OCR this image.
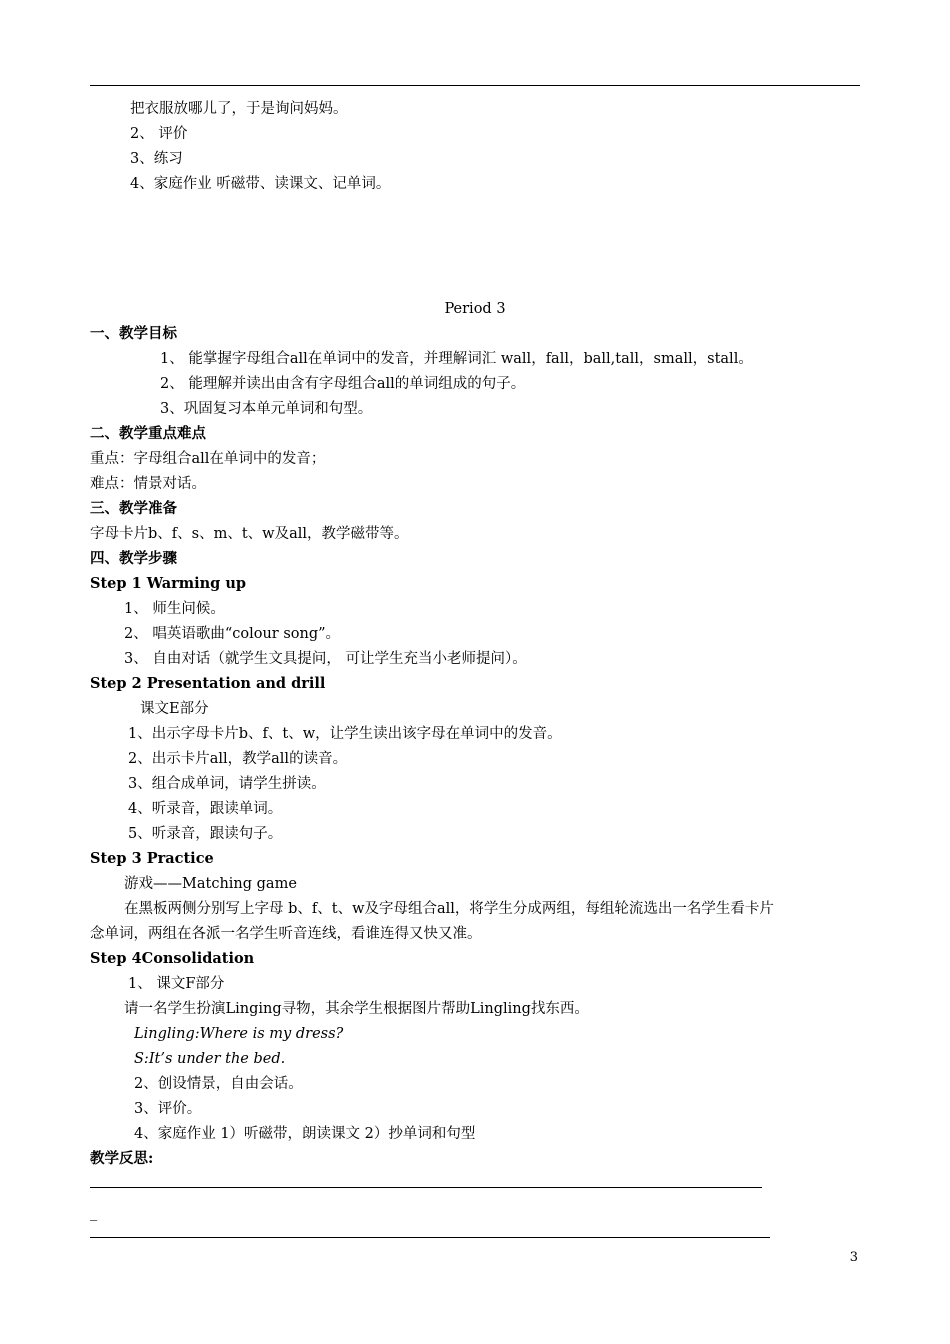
把衣服放哪儿了，于是询问妈妈。
2、 评价
3、练习
4、家庭作业 听磁带、读课文、记单词。
Period 3
一、教学目标
1、 能掌握字母组合all在单词中的发音，并理解词汇 wall，fall，ball,tall，small，stall。
2、 能理解并读出由含有字母组合all的单词组成的句子。
3、巩固复习本单元单词和句型。
二、教学重点难点
重点：字母组合all在单词中的发音；
难点：情景对话。
三、教学准备
字母卡片b、f、s、m、t、w及all，教学磁带等。
四、教学步骤
Step 1 Warming up
1、 师生问候。
2、 唱英语歌曲“colour song”。
3、 自由对话（就学生文具提问， 可让学生充当小老师提问）。
Step 2 Presentation and drill
课文E部分
1、出示字母卡片b、f、t、w，让学生读出该字母在单词中的发音。
2、出示卡片all，教学all的读音。
3、组合成单词，请学生拼读。
4、听录音，跟读单词。
5、听录音，跟读句子。
Step 3 Practice
游戏——Matching game
在黑板两侧分别写上字母 b、f、t、w及字母组合all，将学生分成两组，每组轮流选出一名学生看卡片
念单词，两组在各派一名学生听音连线，看谁连得又快又准。
Step 4Consolidation
1、 课文F部分
请一名学生扮演Linging寻物，其余学生根据图片帮助Lingling找东西。
Lingling:Where is my dress?
S:It’s under the bed.
2、创设情景，自由会话。
3、评价。
4、家庭作业 1）听磁带，朗读课文 2）抄单词和句型
教学反思:
_
3
